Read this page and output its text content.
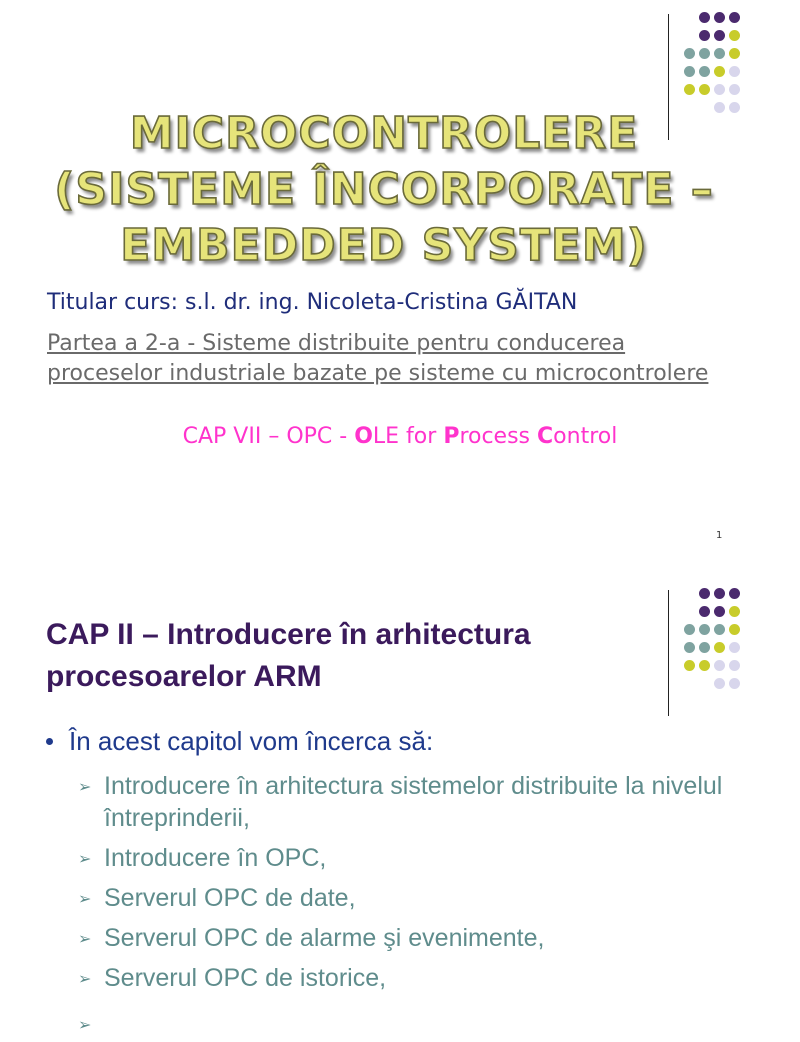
MICROCONTROLERE
(SISTEME ÎNCORPORATE –
EMBEDDED SYSTEM)
Titular curs: s.l. dr. ing. Nicoleta-Cristina GĂITAN
Partea a 2-a - Sisteme distribuite pentru conducerea proceselor industriale bazate pe sisteme cu microcontrolere
CAP VII – OPC - OLE for Process Control
1
CAP II – Introducere în arhitectura procesoarelor ARM
În acest capitol vom încerca să:
➢ Introducere în arhitectura sistemelor distribuite la nivelul întreprinderii,
➢ Introducere în OPC,
➢ Serverul OPC de date,
➢ Serverul OPC de alarme şi evenimente,
➢ Serverul OPC de istorice,
➢
